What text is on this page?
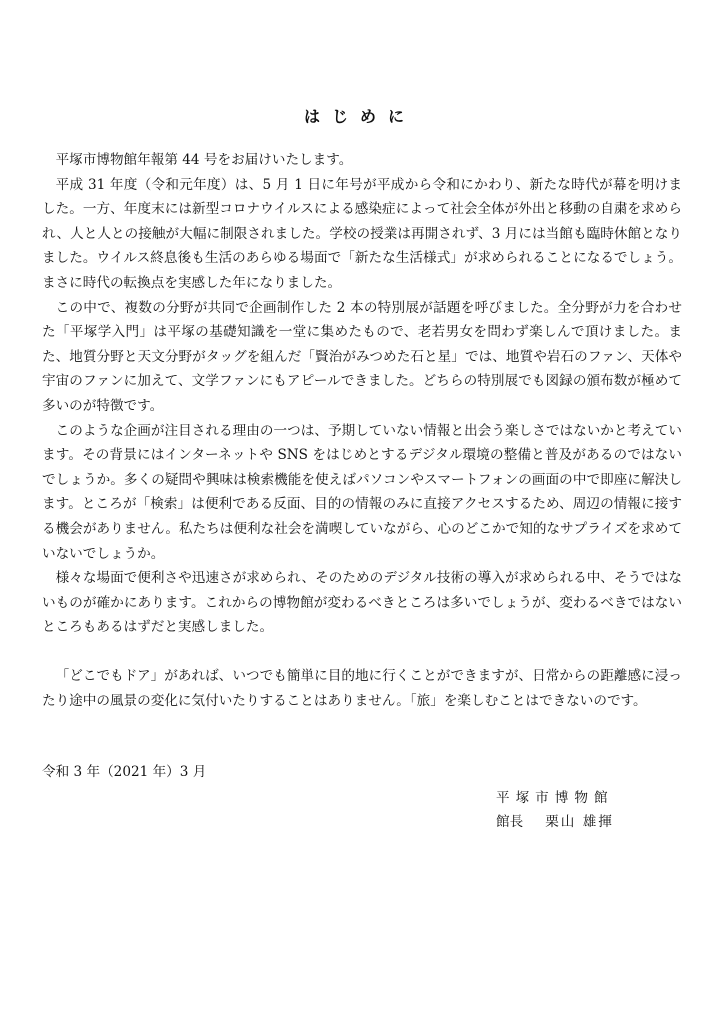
はじめに

平塚市博物館年報第 44 号をお届けいたします。

平成 31 年度（令和元年度）は、5 月 1 日に年号が平成から令和にかわり、新たな時代が幕を明けました。一方、年度末には新型コロナウイルスによる感染症によって社会全体が外出と移動の自粛を求められ、人と人との接触が大幅に制限されました。学校の授業は再開されず、3 月には当館も臨時休館となりました。ウイルス終息後も生活のあらゆる場面で「新たな生活様式」が求められることになるでしょう。まさに時代の転換点を実感した年になりました。

この中で、複数の分野が共同で企画制作した 2 本の特別展が話題を呼びました。全分野が力を合わせた「平塚学入門」は平塚の基礎知識を一堂に集めたもので、老若男女を問わず楽しんで頂けました。また、地質分野と天文分野がタッグを組んだ「賢治がみつめた石と星」では、地質や岩石のファン、天体や宇宙のファンに加えて、文学ファンにもアピールできました。どちらの特別展でも図録の頒布数が極めて多いのが特徴です。

このような企画が注目される理由の一つは、予期していない情報と出会う楽しさではないかと考えています。その背景にはインターネットや SNS をはじめとするデジタル環境の整備と普及があるのではないでしょうか。多くの疑問や興味は検索機能を使えばパソコンやスマートフォンの画面の中で即座に解決します。ところが「検索」は便利である反面、目的の情報のみに直接アクセスするため、周辺の情報に接する機会がありません。私たちは便利な社会を満喫していながら、心のどこかで知的なサプライズを求めていないでしょうか。

様々な場面で便利さや迅速さが求められ、そのためのデジタル技術の導入が求められる中、そうではないものが確かにあります。これからの博物館が変わるべきところは多いでしょうが、変わるべきではないところもあるはずだと実感しました。

「どこでもドア」があれば、いつでも簡単に目的地に行くことができますが、日常からの距離感に浸ったり途中の風景の変化に気付いたりすることはありません。「旅」を楽しむことはできないのです。

令和 3 年（2021 年）3 月
平塚市博物館
館長 栗山 雄揮
